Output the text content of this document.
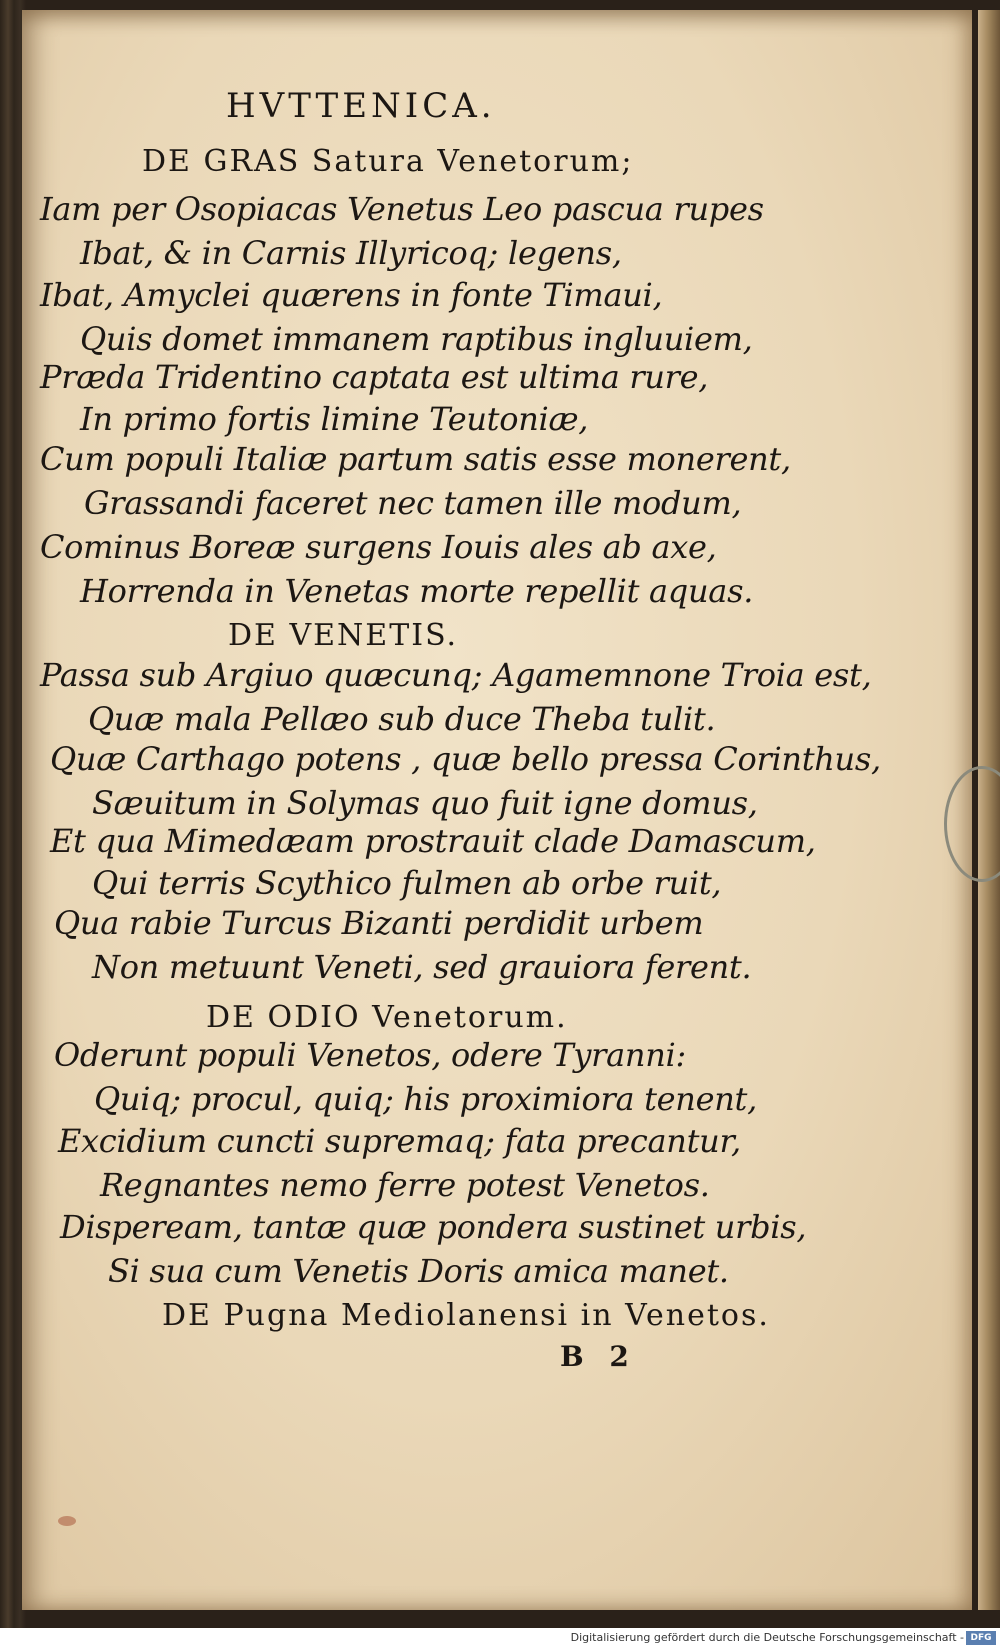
HVTTENICA.
DE GRAS Satura Venetorum;
Iam per Osopiacas Venetus Leo pascua rupes
Ibat, & in Carnis Illyricoq; legens,
Ibat, Amyclei quærens in fonte Timaui,
Quis domet immanem raptibus ingluuiem,
Præda Tridentino captata est ultima rure,
In primo fortis limine Teutoniæ,
Cum populi Italiæ partum satis esse monerent,
Grassandi faceret nec tamen ille modum,
Cominus Boreæ surgens Iouis ales ab axe,
Horrenda in Venetas morte repellit aquas.
DE VENETIS.
Passa sub Argiuo quæcunq; Agamemnone Troia est,
Quæ mala Pellæo sub duce Theba tulit.
Quæ Carthago potens , quæ bello pressa Corinthus,
Sæuitum in Solymas quo fuit igne domus,
Et qua Mimedæam prostrauit clade Damascum,
Qui terris Scythico fulmen ab orbe ruit,
Qua rabie Turcus Bizanti perdidit urbem
Non metuunt Veneti, sed grauiora ferent.
DE ODIO Venetorum.
Oderunt populi Venetos, odere Tyranni:
Quiq; procul, quiq; his proximiora tenent,
Excidium cuncti supremaq; fata precantur,
Regnantes nemo ferre potest Venetos.
Dispeream, tantæ quæ pondera sustinet urbis,
Si sua cum Venetis Doris amica manet.
DE Pugna Mediolanensi in Venetos.
B 2
Digitalisierung gefördert durch die Deutsche Forschungsgemeinschaft - DFG
